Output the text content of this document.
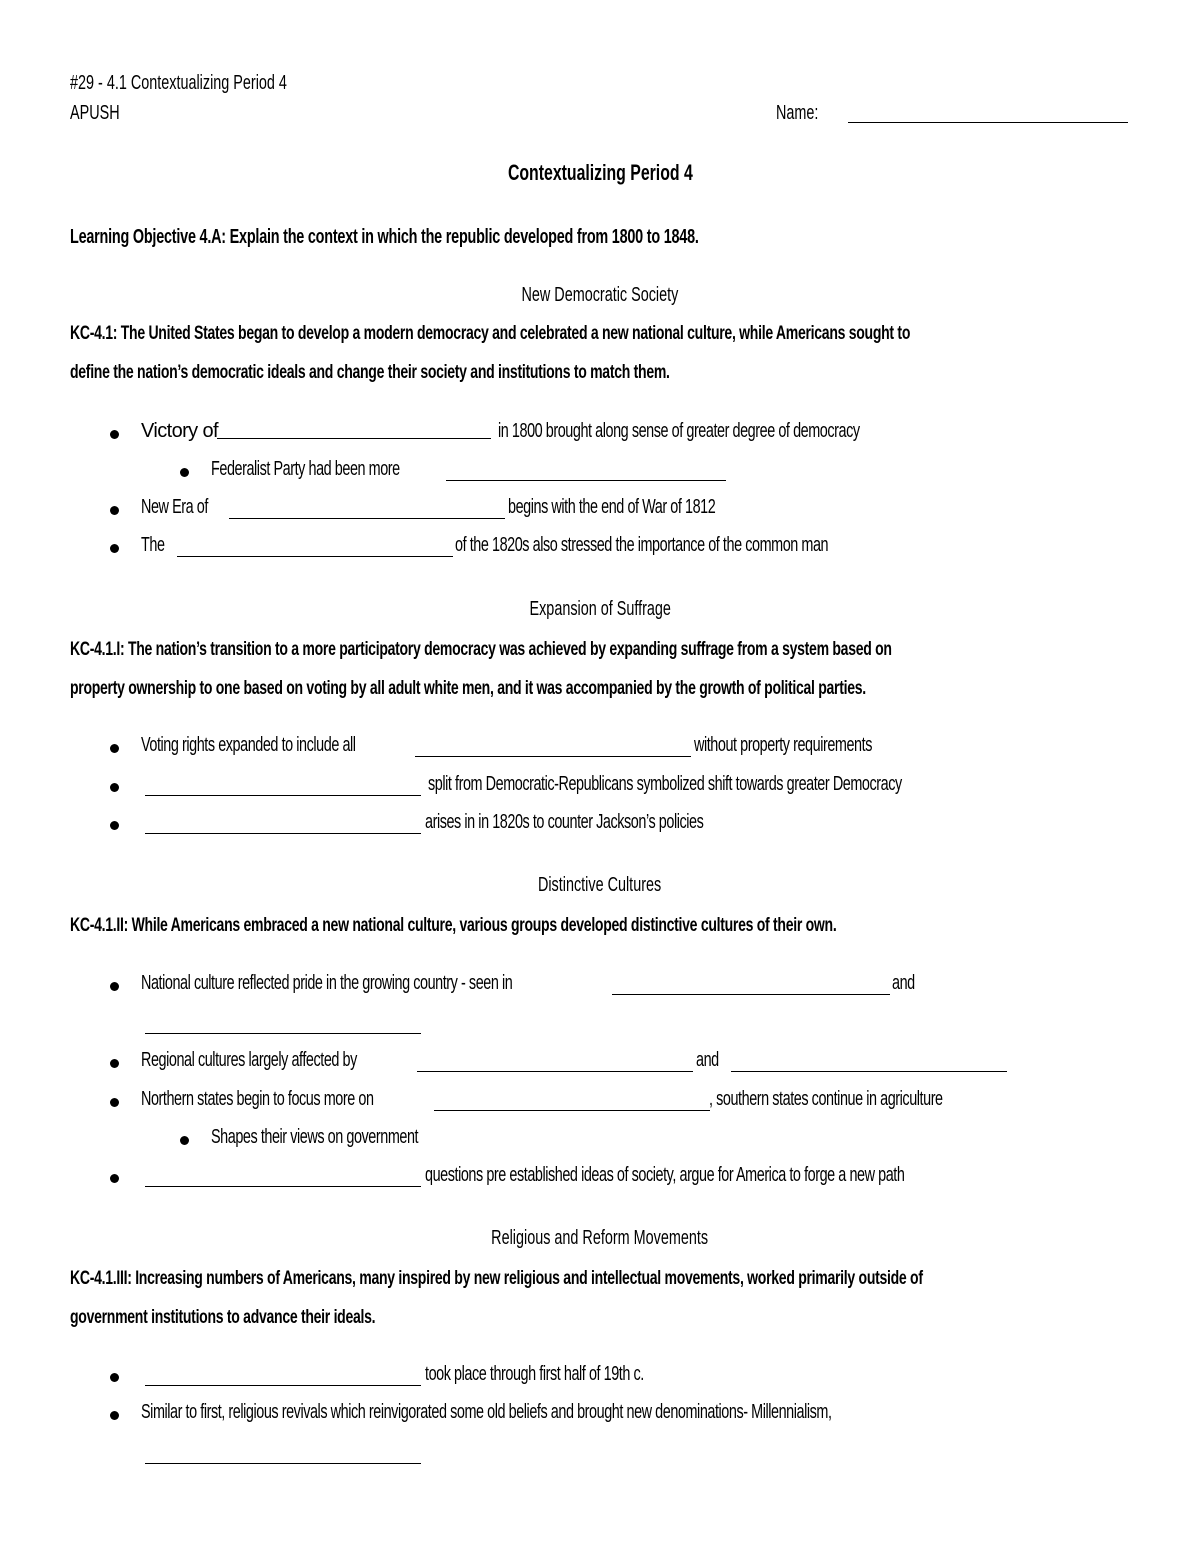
#29 - 4.1 Contextualizing Period 4
APUSH	Name:
Contextualizing Period 4
Learning Objective 4.A: Explain the context in which the republic developed from 1800 to 1848.
New Democratic Society
KC-4.1: The United States began to develop a modern democracy and celebrated a new national culture, while Americans sought to
define the nation’s democratic ideals and change their society and institutions to match them.
Victory of	in 1800 brought along sense of greater degree of democracy
Federalist Party had been more
New Era of	begins with the end of War of 1812
The	of the 1820s also stressed the importance of the common man
Expansion of Suffrage
KC-4.1.I: The nation’s transition to a more participatory democracy was achieved by expanding suffrage from a system based on
property ownership to one based on voting by all adult white men, and it was accompanied by the growth of political parties.
Voting rights expanded to include all	without property requirements
split from Democratic-Republicans symbolized shift towards greater Democracy
arises in in 1820s to counter Jackson’s policies
Distinctive Cultures
KC-4.1.II: While Americans embraced a new national culture, various groups developed distinctive cultures of their own.
National culture reflected pride in the growing country - seen in	and
Regional cultures largely affected by	and
Northern states begin to focus more on	, southern states continue in agriculture
Shapes their views on government
questions pre established ideas of society, argue for America to forge a new path
Religious and Reform Movements
KC-4.1.III: Increasing numbers of Americans, many inspired by new religious and intellectual movements, worked primarily outside of
government institutions to advance their ideals.
took place through first half of 19th c.
Similar to first, religious revivals which reinvigorated some old beliefs and brought new denominations- Millennialism,
